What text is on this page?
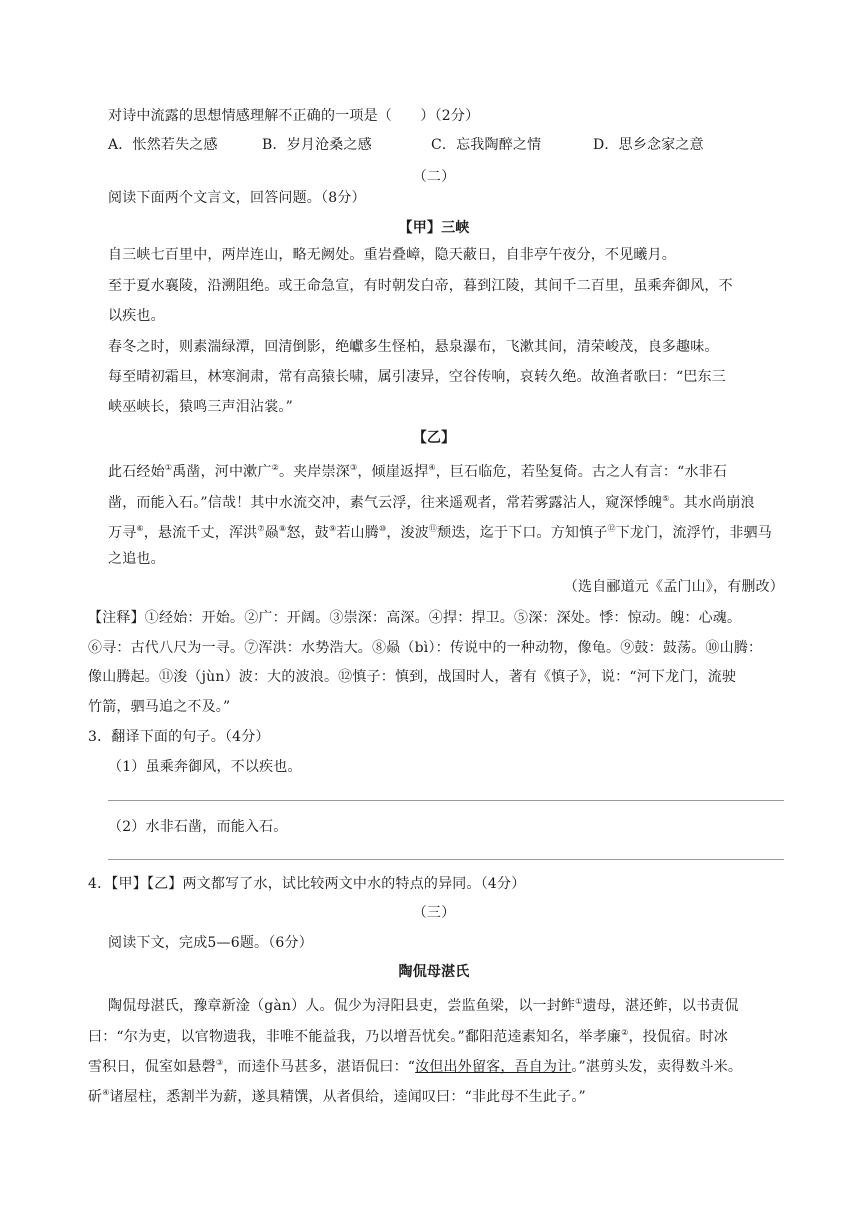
对诗中流露的思想情感理解不正确的一项是（　　）（2分）
A．怅然若失之感	B．岁月沧桑之感	C．忘我陶醉之情	D．思乡念家之意
（二）
阅读下面两个文言文，回答问题。（8分）
【甲】三峡
自三峡七百里中，两岸连山，略无阙处。重岩叠嶂，隐天蔽日，自非亭午夜分，不见曦月。
至于夏水襄陵，沿溯阻绝。或王命急宣，有时朝发白帝，暮到江陵，其间千二百里，虽乘奔御风，不
以疾也。
春冬之时，则素湍绿潭，回清倒影，绝巘多生怪柏，悬泉瀑布，飞漱其间，清荣峻茂，良多趣味。
每至晴初霜旦，林寒涧肃，常有高猿长啸，属引凄异，空谷传响，哀转久绝。故渔者歌曰：“巴东三
峡巫峡长，猿鸣三声泪沾裳。”
【乙】
此石经始①禹凿，河中漱广②。夹岸崇深③，倾崖返捍④，巨石临危，若坠复倚。古之人有言：“水非石
凿，而能入石。”信哉！其中水流交冲，素气云浮，往来遥观者，常若雾露沾人，窥深悸魄⑤。其水尚崩浪
万寻⑥，悬流千丈，浑洪⑦赑⑧怒，鼓⑨若山腾⑩，浚波⑪颓迭，迄于下口。方知慎子⑫下龙门，流浮竹，非驷马
之追也。
（选自郦道元《孟门山》，有删改）
【注释】①经始：开始。②广：开阔。③崇深：高深。④捍：捍卫。⑤深：深处。悸：惊动。魄：心魂。
⑥寻：古代八尺为一寻。⑦浑洪：水势浩大。⑧赑（bì）：传说中的一种动物，像龟。⑨鼓：鼓荡。⑩山腾：
像山腾起。⑪浚（jùn）波：大的波浪。⑫慎子：慎到，战国时人，著有《慎子》，说：“河下龙门，流驶
竹箭，驷马追之不及。”
3．翻译下面的句子。（4分）
（1）虽乘奔御风，不以疾也。
（2）水非石凿，而能入石。
4．【甲】【乙】两文都写了水，试比较两文中水的特点的异同。（4分）
（三）
阅读下文，完成5—6题。（6分）
陶侃母湛氏
陶侃母湛氏，豫章新淦（gàn）人。侃少为浔阳县吏，尝监鱼梁，以一封鲊①遗母，湛还鲊，以书责侃
曰：“尔为吏，以官物遗我，非唯不能益我，乃以增吾忧矣。”鄱阳范逵素知名，举孝廉②，投侃宿。时冰
雪积日，侃室如悬磬③，而逵仆马甚多，湛语侃曰：“汝但出外留客，吾自为计。”湛剪头发，卖得数斗米。
斫④诸屋柱，悉割半为薪，遂具精馔，从者俱给，逵闻叹曰：“非此母不生此子。”
